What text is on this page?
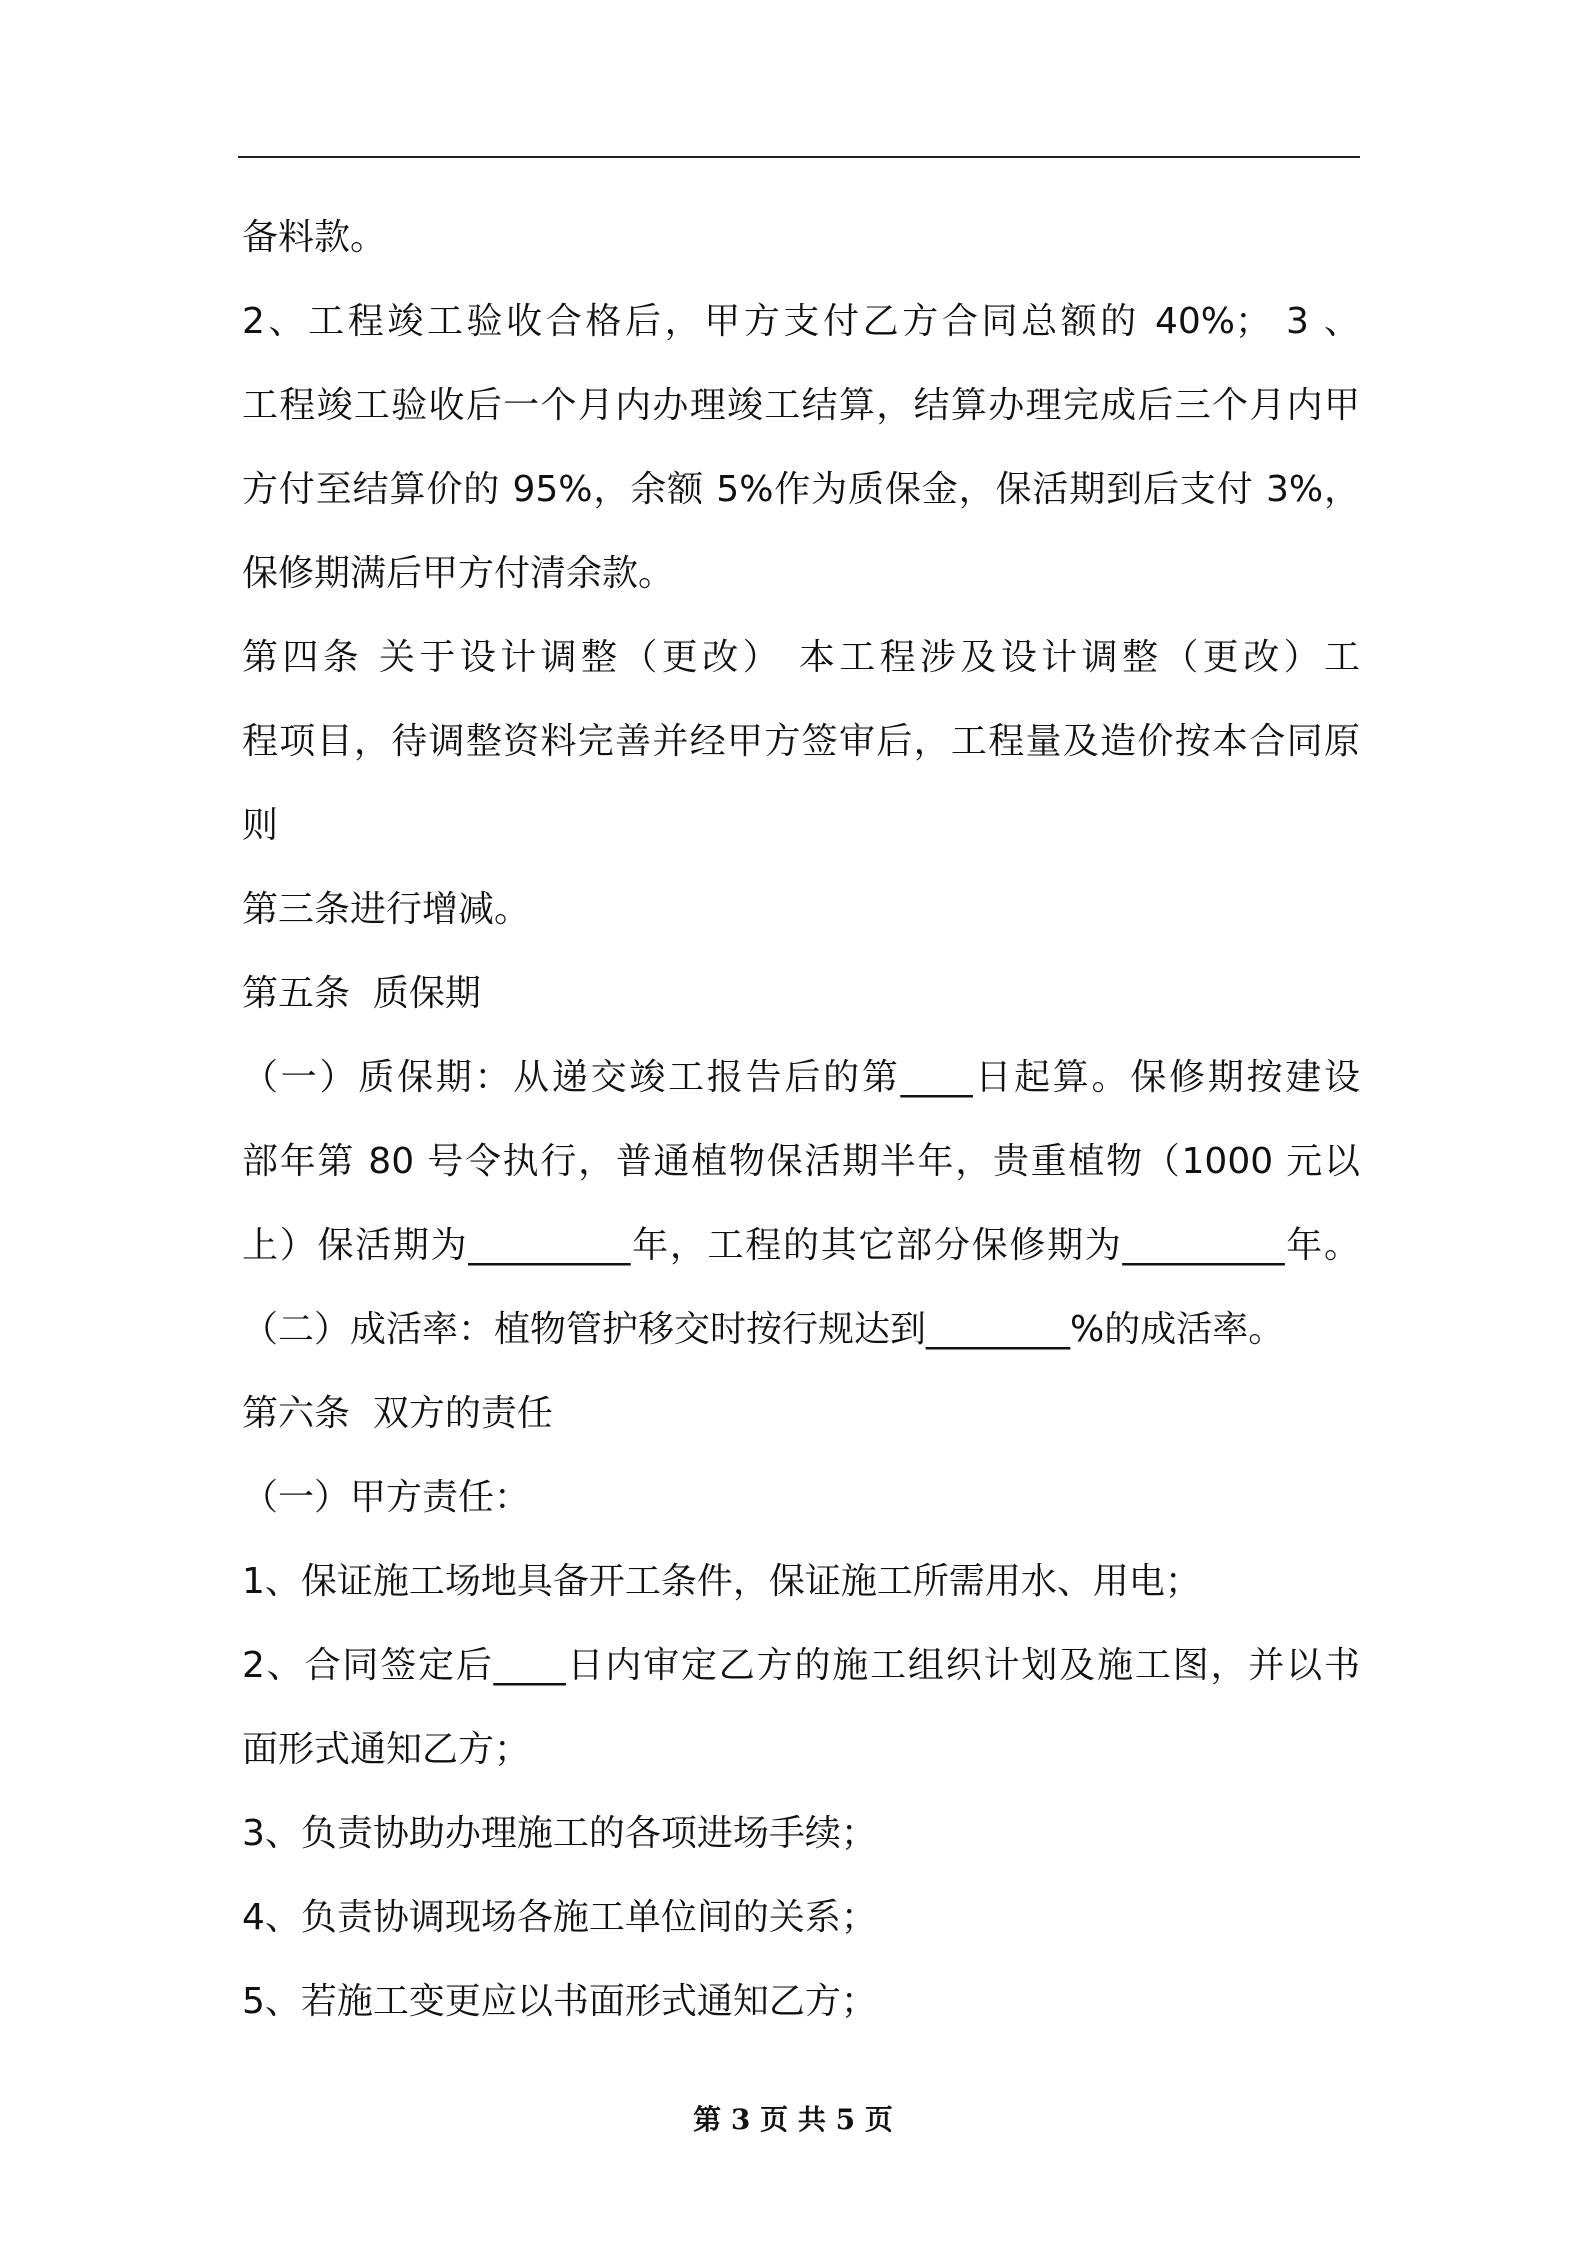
备料款。
2、工程竣工验收合格后，甲方支付乙方合同总额的 40%； 3 、
工程竣工验收后一个月内办理竣工结算，结算办理完成后三个月内甲
方付至结算价的 95%，余额 5%作为质保金，保活期到后支付 3%，
保修期满后甲方付清余款。
第四条 关于设计调整（更改） 本工程涉及设计调整（更改）工
程项目，待调整资料完善并经甲方签审后，工程量及造价按本合同原
则
第三条进行增减。
第五条  质保期
（一）质保期：从递交竣工报告后的第____日起算。保修期按建设
部年第 80 号令执行，普通植物保活期半年，贵重植物（1000 元以
上）保活期为_________年，工程的其它部分保修期为_________年。
（二）成活率：植物管护移交时按行规达到________%的成活率。
第六条  双方的责任
（一）甲方责任：
1、保证施工场地具备开工条件，保证施工所需用水、用电；
2、合同签定后____日内审定乙方的施工组织计划及施工图，并以书
面形式通知乙方；
3、负责协助办理施工的各项进场手续；
4、负责协调现场各施工单位间的关系；
5、若施工变更应以书面形式通知乙方；
第 3 页 共 5 页
